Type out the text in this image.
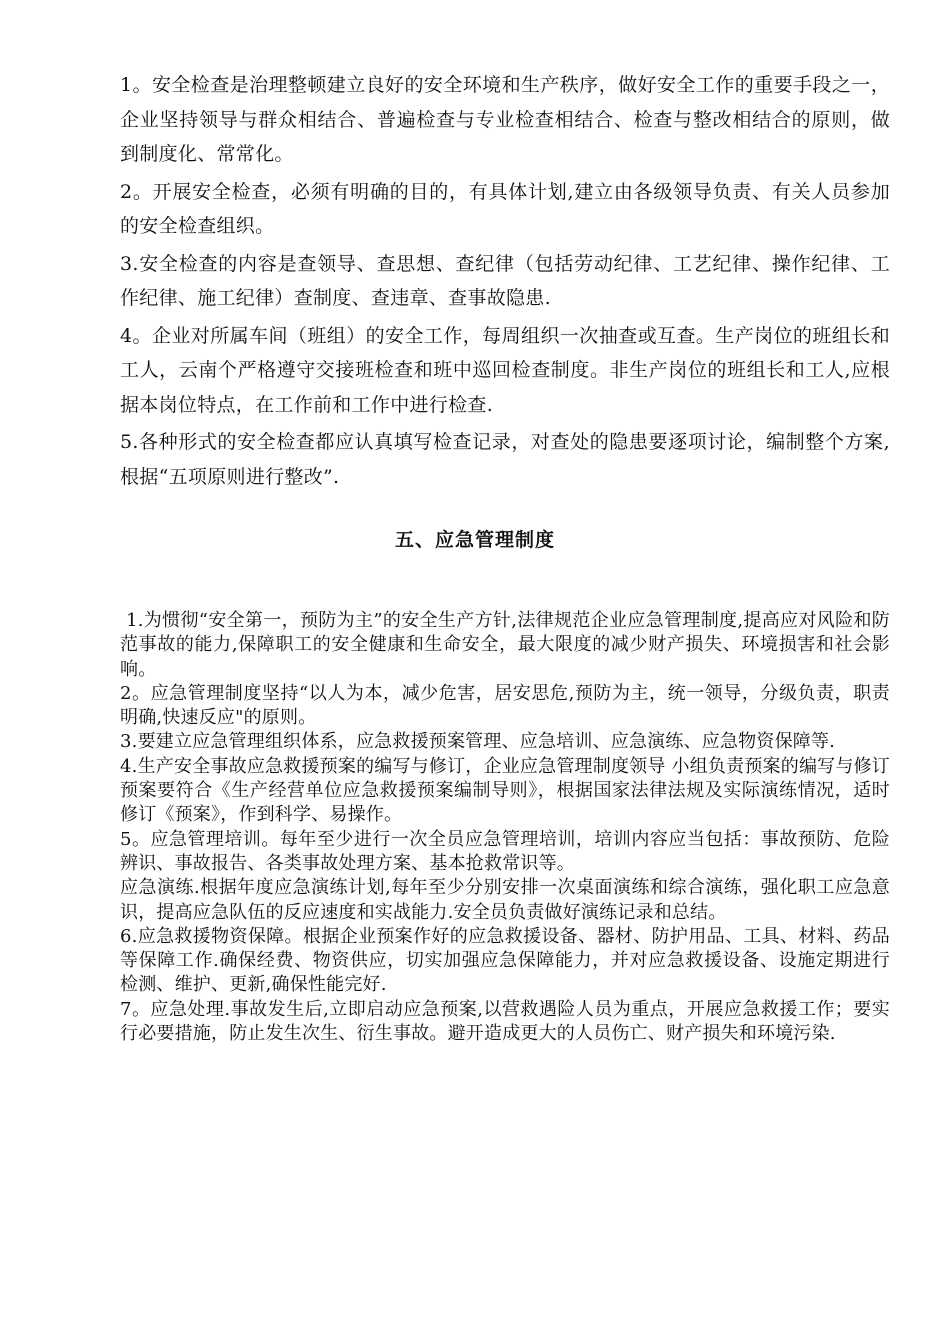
1。安全检查是治理整顿建立良好的安全环境和生产秩序，做好安全工作的重要手段之一，企业坚持领导与群众相结合、普遍检查与专业检查相结合、检查与整改相结合的原则，做到制度化、常常化。

2。开展安全检查，必须有明确的目的，有具体计划,建立由各级领导负责、有关人员参加的安全检查组织。

3.安全检查的内容是查领导、查思想、查纪律（包括劳动纪律、工艺纪律、操作纪律、工作纪律、施工纪律）查制度、查违章、查事故隐患.

4。企业对所属车间（班组）的安全工作，每周组织一次抽查或互查。生产岗位的班组长和工人，云南个严格遵守交接班检查和班中巡回检查制度。非生产岗位的班组长和工人,应根据本岗位特点，在工作前和工作中进行检查.

5.各种形式的安全检查都应认真填写检查记录，对查处的隐患要逐项讨论，编制整个方案,根据“五项原则进行整改”.

五、应急管理制度

1.为惯彻“安全第一，预防为主”的安全生产方针,法律规范企业应急管理制度,提高应对风险和防范事故的能力,保障职工的安全健康和生命安全，最大限度的减少财产损失、环境损害和社会影响。

2。应急管理制度坚持“以人为本，减少危害，居安思危,预防为主，统一领导，分级负责，职责明确,快速反应"的原则。

3.要建立应急管理组织体系，应急救援预案管理、应急培训、应急演练、应急物资保障等.

4.生产安全事故应急救援预案的编写与修订，企业应急管理制度领导 小组负责预案的编写与修订预案要符合《生产经营单位应急救援预案编制导则》，根据国家法律法规及实际演练情况，适时修订《预案》，作到科学、易操作。

5。应急管理培训。每年至少进行一次全员应急管理培训，培训内容应当包括：事故预防、危险辨识、事故报告、各类事故处理方案、基本抢救常识等。

应急演练.根据年度应急演练计划,每年至少分别安排一次桌面演练和综合演练，强化职工应急意识，提高应急队伍的反应速度和实战能力.安全员负责做好演练记录和总结。

6.应急救援物资保障。根据企业预案作好的应急救援设备、器材、防护用品、工具、材料、药品等保障工作.确保经费、物资供应，切实加强应急保障能力，并对应急救援设备、设施定期进行检测、维护、更新,确保性能完好.

7。应急处理.事故发生后,立即启动应急预案,以营救遇险人员为重点，开展应急救援工作；要实行必要措施，防止发生次生、衍生事故。避开造成更大的人员伤亡、财产损失和环境污染.
